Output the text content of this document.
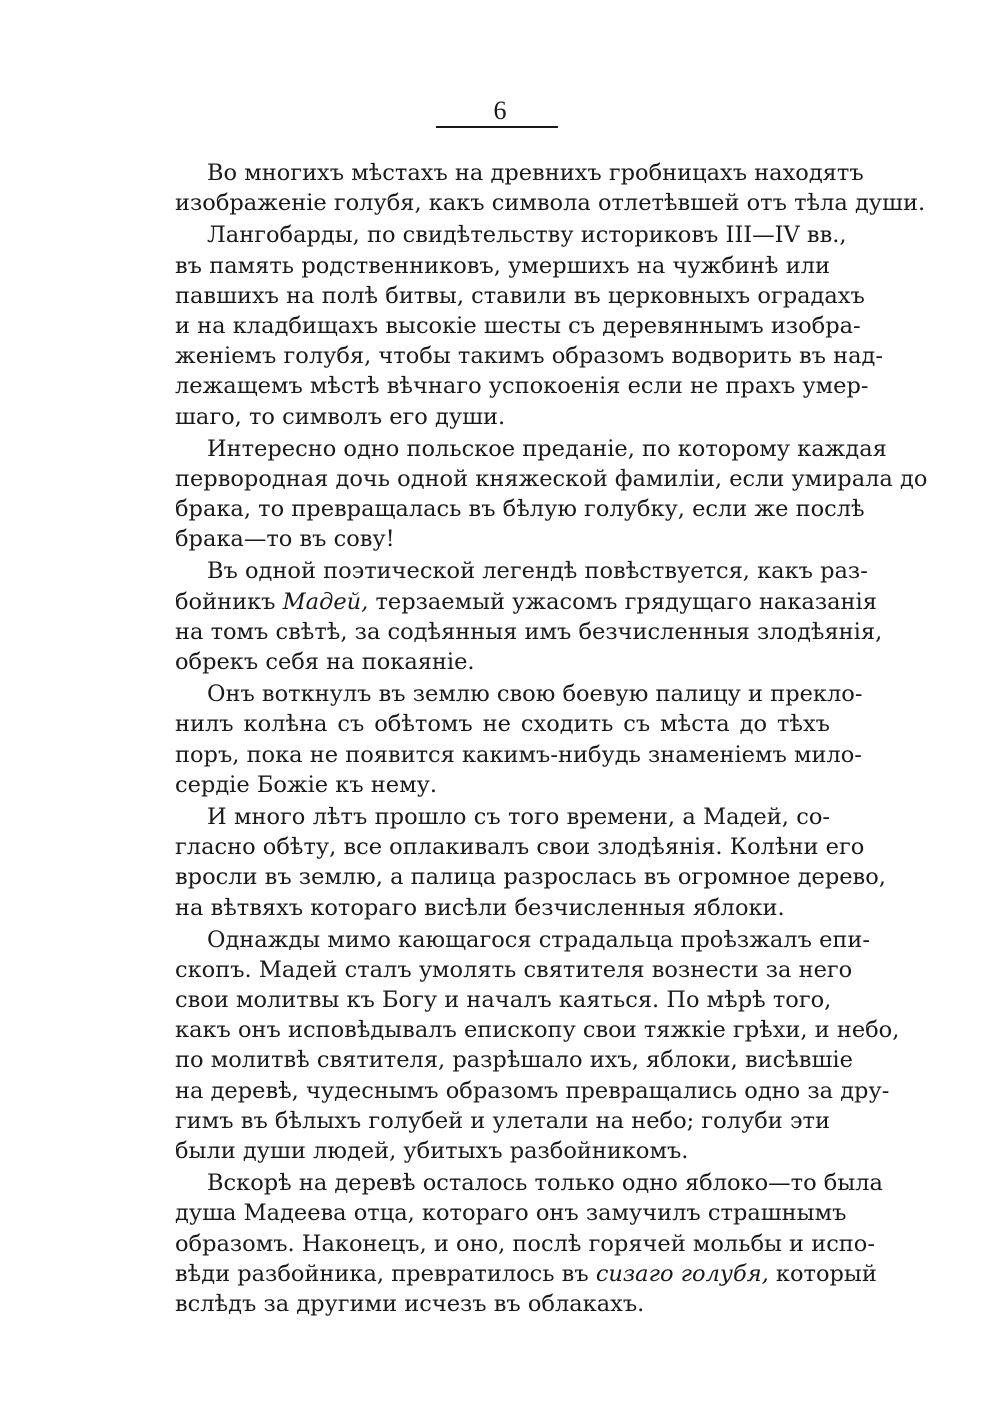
6
Во многихъ мѣстахъ на древнихъ гробницахъ находятъ
изображеніе голубя, какъ символа отлетѣвшей отъ тѣла души.
Лангобарды, по свидѣтельству историковъ III—IV вв.,
въ память родственниковъ, умершихъ на чужбинѣ или
павшихъ на полѣ битвы, ставили въ церковныхъ оградахъ
и на кладбищахъ высокіе шесты съ деревяннымъ изобра-
женіемъ голубя, чтобы такимъ образомъ водворить въ над-
лежащемъ мѣстѣ вѣчнаго успокоенія если не прахъ умер-
шаго, то символъ его души.
Интересно одно польское преданіе, по которому каждая
первородная дочь одной княжеской фамиліи, если умирала до
брака, то превращалась въ бѣлую голубку, если же послѣ
брака—то въ сову!
Въ одной поэтической легендѣ повѣствуется, какъ раз-
бойникъ Мадей, терзаемый ужасомъ грядущаго наказанія
на томъ свѣтѣ, за содѣянныя имъ безчисленныя злодѣянія,
обрекъ себя на покаяніе.
Онъ воткнулъ въ землю свою боевую палицу и прекло-
нилъ колѣна съ обѣтомъ не сходить съ мѣста до тѣхъ
поръ, пока не появится какимъ-нибудь знаменіемъ мило-
сердіе Божіе къ нему.
И много лѣтъ прошло съ того времени, а Мадей, со-
гласно обѣту, все оплакивалъ свои злодѣянія. Колѣни его
вросли въ землю, а палица разрослась въ огромное дерево,
на вѣтвяхъ котораго висѣли безчисленныя яблоки.
Однажды мимо кающагося страдальца проѣзжалъ епи-
скопъ. Мадей сталъ умолять святителя вознести за него
свои молитвы къ Богу и началъ каяться. По мѣрѣ того,
какъ онъ исповѣдывалъ епископу свои тяжкіе грѣхи, и небо,
по молитвѣ святителя, разрѣшало ихъ, яблоки, висѣвшіе
на деревѣ, чудеснымъ образомъ превращались одно за дру-
гимъ въ бѣлыхъ голубей и улетали на небо; голуби эти
были души людей, убитыхъ разбойникомъ.
Вскорѣ на деревѣ осталось только одно яблоко—то была
душа Мадеева отца, котораго онъ замучилъ страшнымъ
образомъ. Наконецъ, и оно, послѣ горячей мольбы и испо-
вѣди разбойника, превратилось въ сизаго голубя, который
вслѣдъ за другими исчезъ въ облакахъ.
